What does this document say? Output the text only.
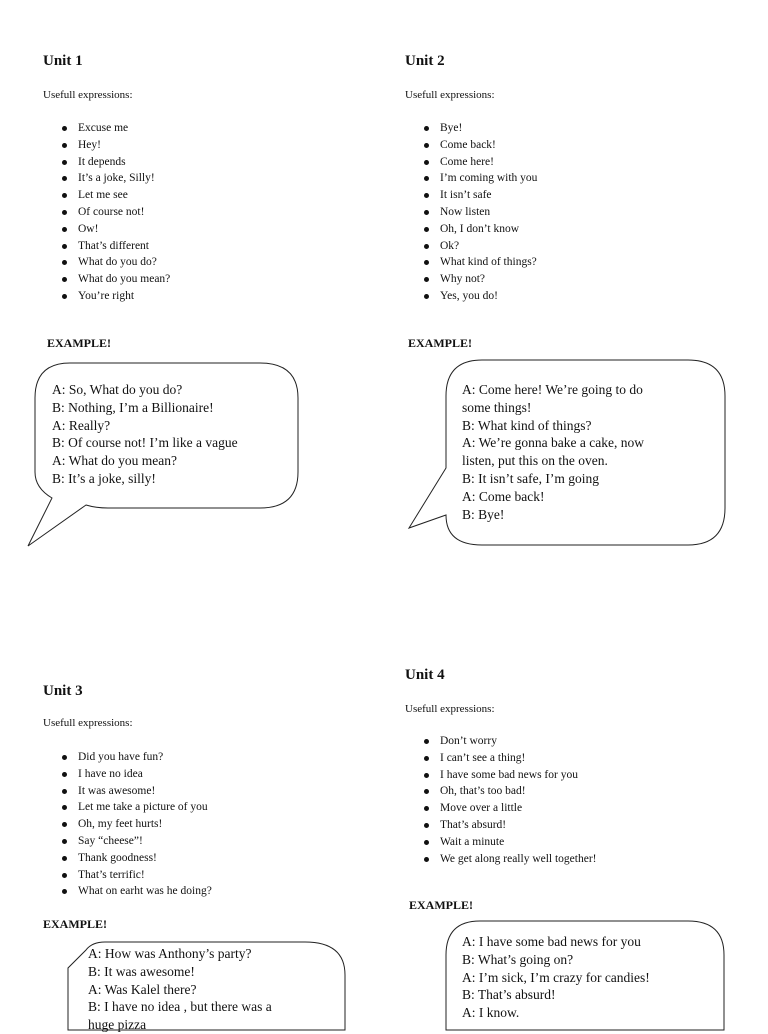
Unit 1

Usefull expressions:

Excuse me
Hey!
It depends
It’s a joke, Silly!
Let me see
Of course not!
Ow!
That’s different
What do you do?
What do you mean?
You’re right

EXAMPLE!

A: So, What do you do?
B: Nothing, I’m a Billionaire!
A: Really?
B: Of course not! I’m like a vague
A: What do you mean?
B: It’s a joke, silly!
Unit 2

Usefull expressions:

Bye!
Come back!
Come here!
I’m coming with you
It isn’t safe
Now listen
Oh, I don’t know
Ok?
What kind of things?
Why not?
Yes, you do!

EXAMPLE!

A: Come here! We’re going to do
some things!
B: What kind of things?
A: We’re gonna bake a cake, now
listen, put this on the oven.
B: It isn’t safe, I’m going
A: Come back!
B: Bye!
Unit 3

Usefull expressions:

Did you have fun?
I have no idea
It was awesome!
Let me take a picture of you
Oh, my feet hurts!
Say “cheese”!
Thank goodness!
That’s terrific!
What on earht was he doing?

EXAMPLE!

A: How was Anthony’s party?
B: It was awesome!
A: Was Kalel there?
B: I have no idea , but there was a
huge pizza
Unit 4

Usefull expressions:

Don’t worry
I can’t see a thing!
I have some bad news for you
Oh, that’s too bad!
Move over a little
That’s absurd!
Wait a minute
We get along really well together!

EXAMPLE!

A: I have some bad news for you
B: What’s going on?
A: I’m sick, I’m crazy for candies!
B: That’s absurd!
A: I know.
